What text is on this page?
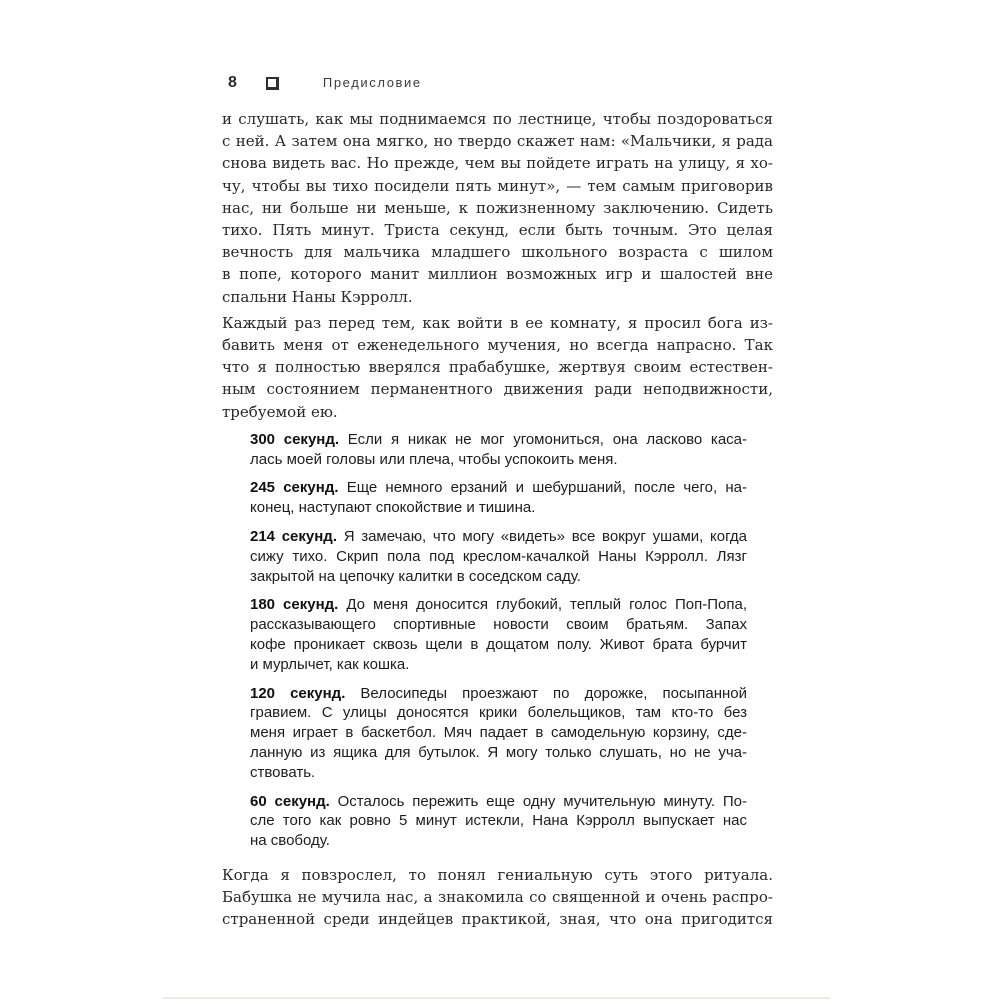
8	Предисловие
и слушать, как мы поднимаемся по лестнице, чтобы поздороваться
с ней. А затем она мягко, но твердо скажет нам: «Мальчики, я рада
снова видеть вас. Но прежде, чем вы пойдете играть на улицу, я хо-
чу, чтобы вы тихо посидели пять минут», — тем самым приговорив
нас, ни больше ни меньше, к пожизненному заключению. Сидеть
тихо. Пять минут. Триста секунд, если быть точным. Это целая
вечность для мальчика младшего школьного возраста с шилом
в попе, которого манит миллион возможных игр и шалостей вне
спальни Наны Кэрролл.
Каждый раз перед тем, как войти в ее комнату, я просил бога из-
бавить меня от еженедельного мучения, но всегда напрасно. Так
что я полностью вверялся прабабушке, жертвуя своим естествен-
ным состоянием перманентного движения ради неподвижности,
требуемой ею.
300 секунд. Если я никак не мог угомониться, она ласково каса-
лась моей головы или плеча, чтобы успокоить меня.
245 секунд. Еще немного ерзаний и шебуршаний, после чего, на-
конец, наступают спокойствие и тишина.
214 секунд. Я замечаю, что могу «видеть» все вокруг ушами, когда
сижу тихо. Скрип пола под креслом-качалкой Наны Кэрролл. Лязг
закрытой на цепочку калитки в соседском саду.
180 секунд. До меня доносится глубокий, теплый голос Поп-Попа,
рассказывающего спортивные новости своим братьям. Запах
кофе проникает сквозь щели в дощатом полу. Живот брата бурчит
и мурлычет, как кошка.
120 секунд. Велосипеды проезжают по дорожке, посыпанной
гравием. С улицы доносятся крики болельщиков, там кто-то без
меня играет в баскетбол. Мяч падает в самодельную корзину, сде-
ланную из ящика для бутылок. Я могу только слушать, но не уча-
ствовать.
60 секунд. Осталось пережить еще одну мучительную минуту. По-
сле того как ровно 5 минут истекли, Нана Кэрролл выпускает нас
на свободу.
Когда я повзрослел, то понял гениальную суть этого ритуала.
Бабушка не мучила нас, а знакомила со священной и очень распро-
страненной среди индейцев практикой, зная, что она пригодится
